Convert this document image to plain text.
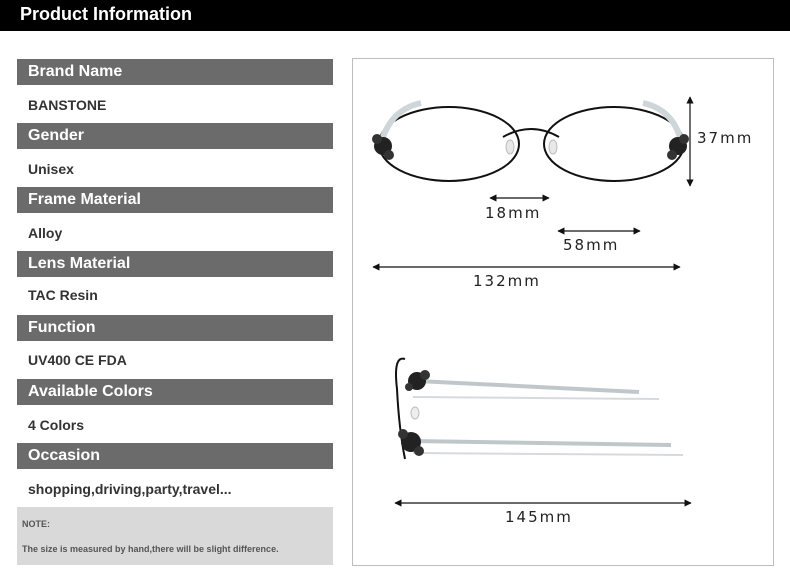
Product Information
Brand Name
BANSTONE
Gender
Unisex
Frame Material
Alloy
Lens Material
TAC Resin
Function
UV400 CE FDA
Available Colors
4 Colors
Occasion
shopping,driving,party,travel...
NOTE:
The size is measured by hand,there will be slight difference.
37mm
18mm
58mm
132mm
145mm
